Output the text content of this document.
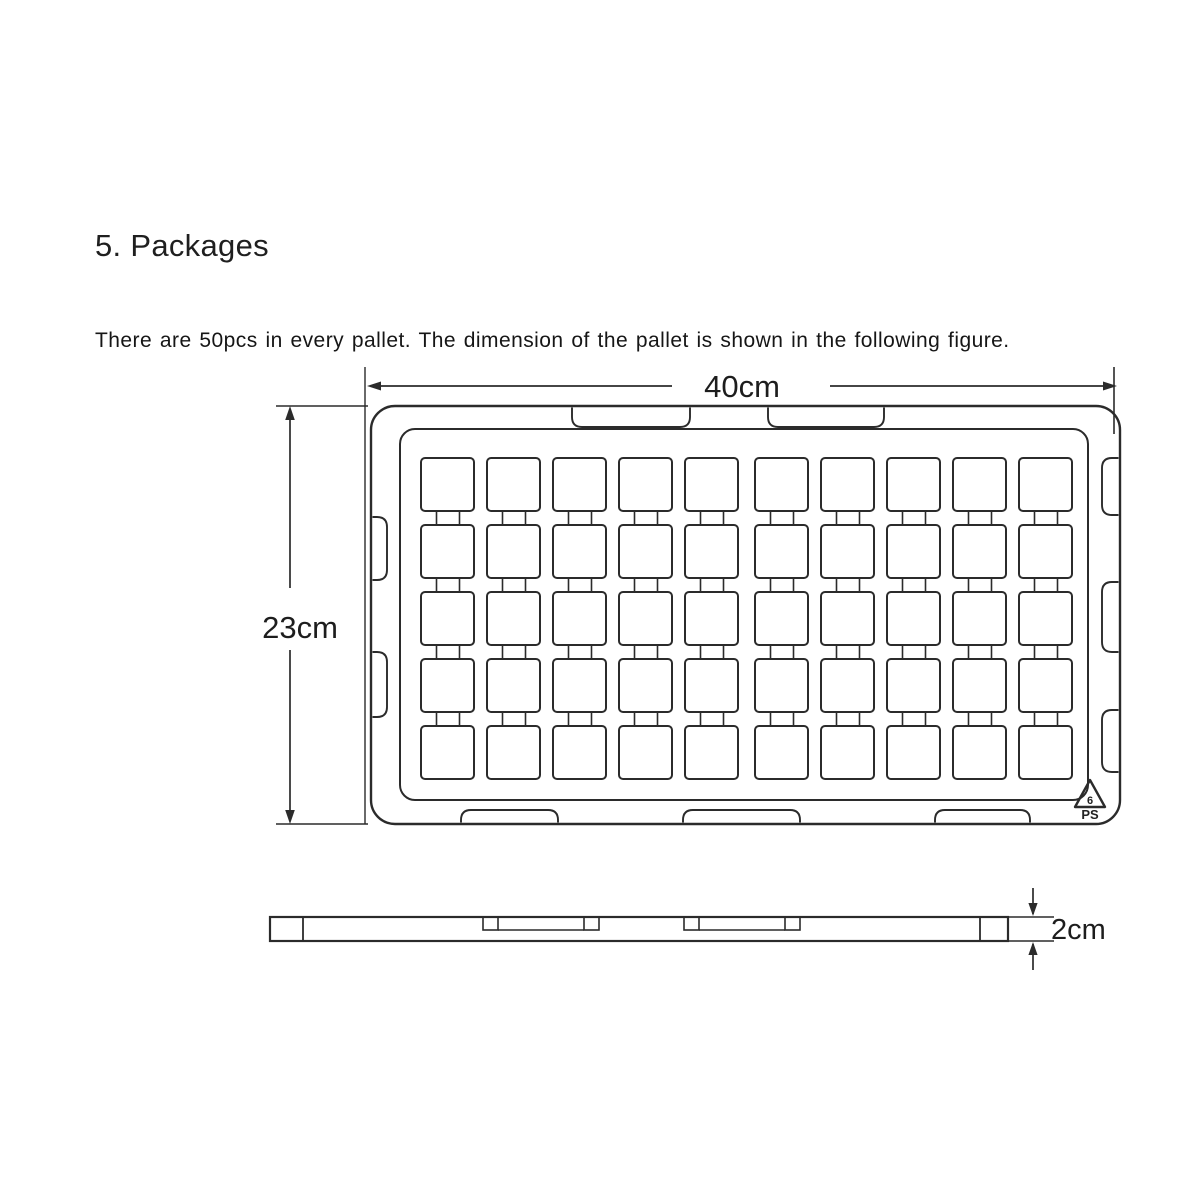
5. Packages

There are 50pcs in every pallet. The dimension of the pallet is shown in the following figure.

40cm
23cm
6
PS
2cm
